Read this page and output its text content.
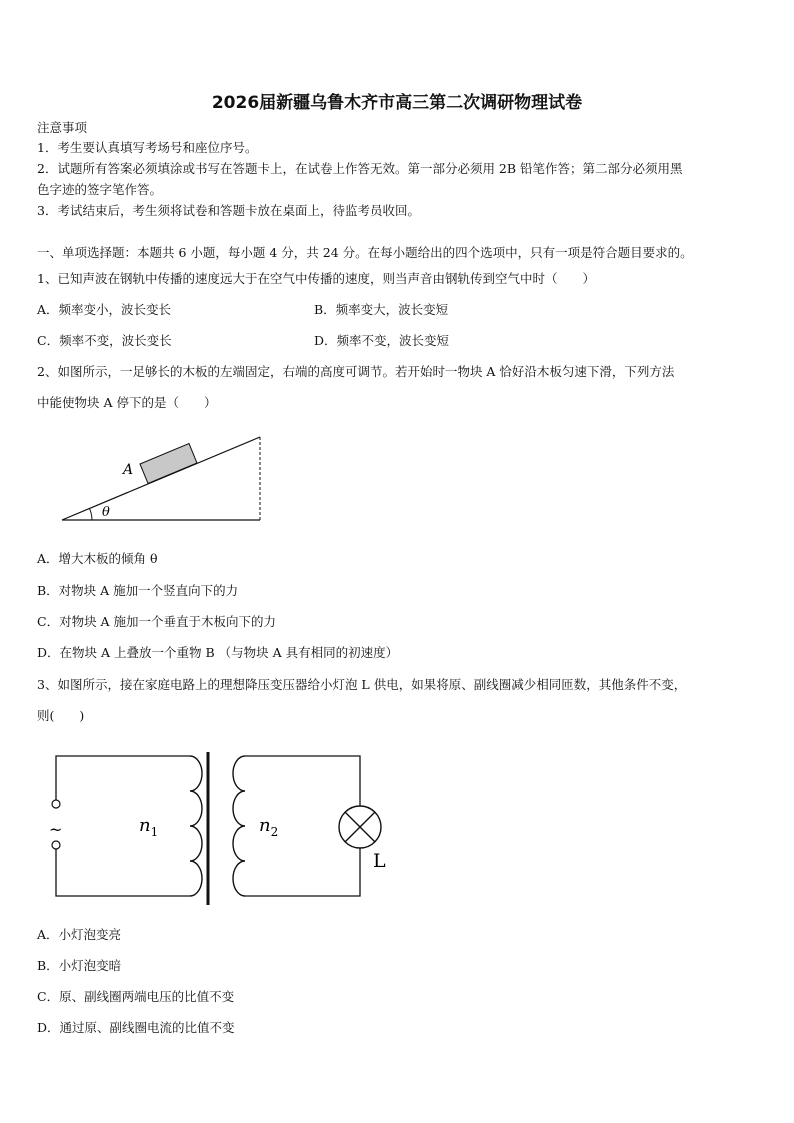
2026届新疆乌鲁木齐市高三第二次调研物理试卷
注意事项
1．考生要认真填写考场号和座位序号。
2．试题所有答案必须填涂或书写在答题卡上，在试卷上作答无效。第一部分必须用 2B 铅笔作答；第二部分必须用黑
色字迹的签字笔作答。
3．考试结束后，考生须将试卷和答题卡放在桌面上，待监考员收回。
一、单项选择题：本题共 6 小题，每小题 4 分，共 24 分。在每小题给出的四个选项中，只有一项是符合题目要求的。
1、已知声波在钢轨中传播的速度远大于在空气中传播的速度，则当声音由钢轨传到空气中时（　　）
A．频率变小，波长变长	B．频率变大，波长变短
C．频率不变，波长变长	D．频率不变，波长变短
2、如图所示，一足够长的木板的左端固定，右端的高度可调节。若开始时一物块 A 恰好沿木板匀速下滑，下列方法
中能使物块 A 停下的是（　　）
A
θ
A．增大木板的倾角 θ
B．对物块 A 施加一个竖直向下的力
C．对物块 A 施加一个垂直于木板向下的力
D．在物块 A 上叠放一个重物 B （与物块 A 具有相同的初速度）
3、如图所示，接在家庭电路上的理想降压变压器给小灯泡 L 供电，如果将原、副线圈减少相同匝数，其他条件不变，
则(　　)
~	$n_1$	$n_2$
L
A．小灯泡变亮
B．小灯泡变暗
C．原、副线圈两端电压的比值不变
D．通过原、副线圈电流的比值不变
